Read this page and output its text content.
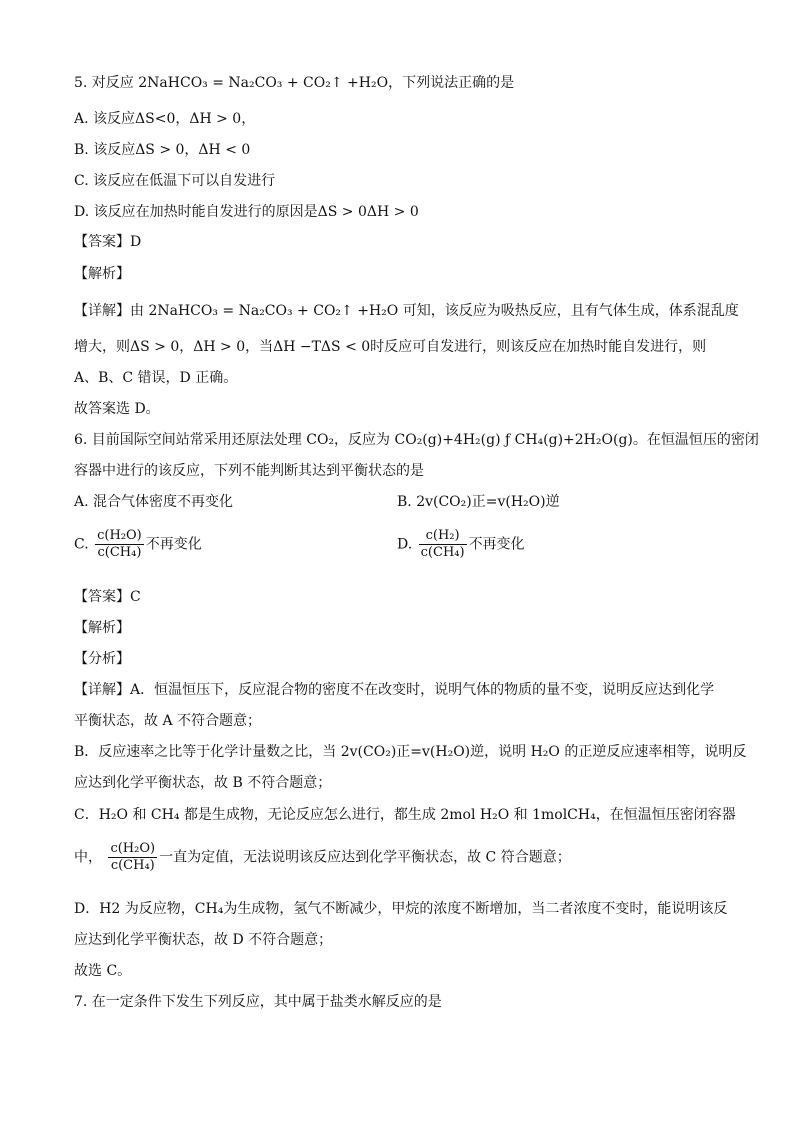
5. 对反应 2NaHCO₃ = Na₂CO₃ + CO₂↑ +H₂O，下列说法正确的是
A. 该反应ΔS<0，ΔH > 0，
B. 该反应ΔS > 0，ΔH < 0
C. 该反应在低温下可以自发进行
D. 该反应在加热时能自发进行的原因是ΔS > 0ΔH > 0
【答案】D
【解析】
【详解】由 2NaHCO₃ = Na₂CO₃ + CO₂↑ +H₂O 可知，该反应为吸热反应，且有气体生成，体系混乱度
增大，则ΔS > 0，ΔH > 0，当ΔH −TΔS < 0时反应可自发进行，则该反应在加热时能自发进行，则
A、B、C 错误，D 正确。
故答案选 D。
6. 目前国际空间站常采用还原法处理 CO₂，反应为 CO₂(g)+4H₂(g) ƒ CH₄(g)+2H₂O(g)。在恒温恒压的密闭
容器中进行的该反应，下列不能判断其达到平衡状态的是
A. 混合气体密度不再变化	B. 2v(CO₂)正=v(H₂O)逆
C. $\frac{\text{c(H₂O)}}{\text{c(CH₄)}}$ 不再变化	D. $\frac{\text{c(H₂)}}{\text{c(CH₄)}}$ 不再变化
【答案】C
【解析】
【分析】
【详解】A．恒温恒压下，反应混合物的密度不在改变时，说明气体的物质的量不变，说明反应达到化学
平衡状态，故 A 不符合题意；
B．反应速率之比等于化学计量数之比，当 2v(CO₂)正=v(H₂O)逆，说明 H₂O 的正逆反应速率相等，说明反
应达到化学平衡状态，故 B 不符合题意；
C．H₂O 和 CH₄ 都是生成物，无论反应怎么进行，都生成 2mol H₂O 和 1molCH₄，在恒温恒压密闭容器
中， $\frac{\text{c(H₂O)}}{\text{c(CH₄)}}$ 一直为定值，无法说明该反应达到化学平衡状态，故 C 符合题意；
D．H2 为反应物，CH₄为生成物，氢气不断减少，甲烷的浓度不断增加，当二者浓度不变时，能说明该反
应达到化学平衡状态，故 D 不符合题意；
故选 C。
7. 在一定条件下发生下列反应，其中属于盐类水解反应的是
